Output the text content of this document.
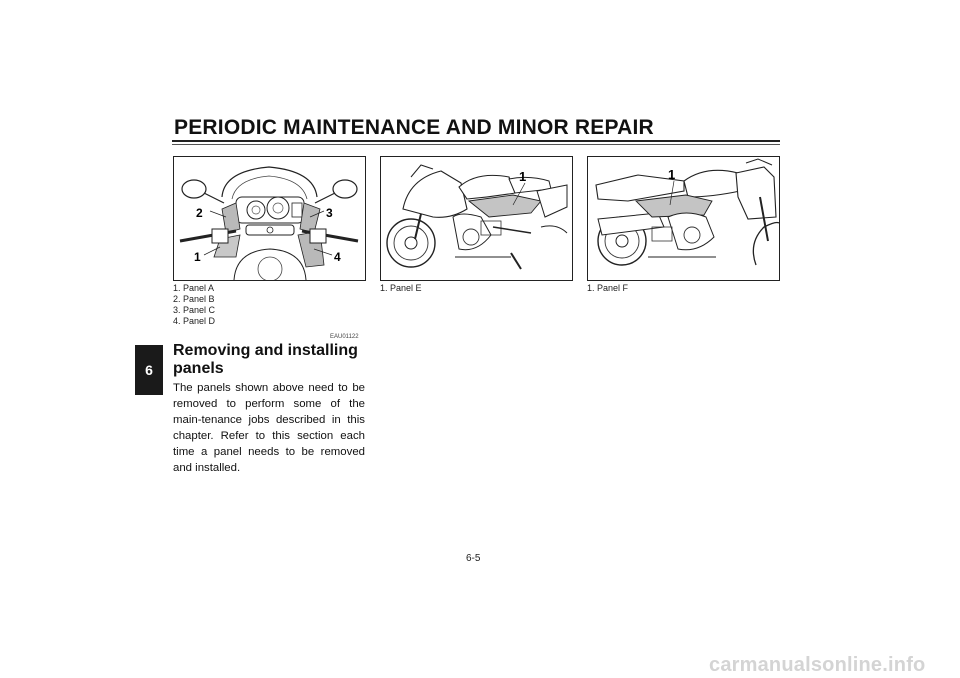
PERIODIC MAINTENANCE AND MINOR REPAIR
6
2	3
1	4
1	1
1. Panel A
2. Panel B
3. Panel C
4. Panel D
1. Panel E	1. Panel F
EAU01122
Removing and installing panels
The panels shown above need to be removed to perform some of the main-tenance jobs described in this chapter. Refer to this section each time a panel needs to be removed and installed.
6-5
carmanualsonline.info
